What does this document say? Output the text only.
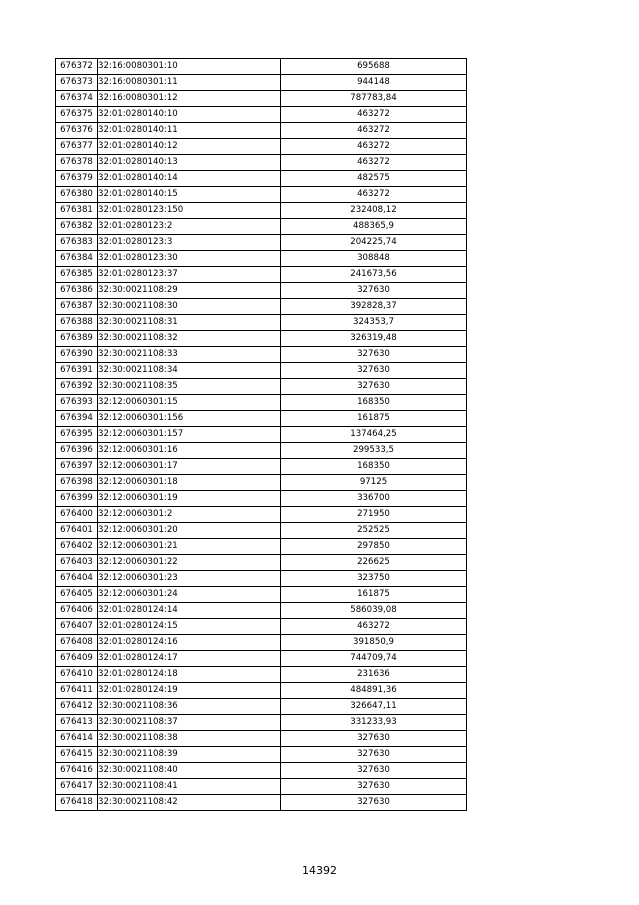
676372	32:16:0080301:10	695688
676373	32:16:0080301:11	944148
676374	32:16:0080301:12	787783,84
676375	32:01:0280140:10	463272
676376	32:01:0280140:11	463272
676377	32:01:0280140:12	463272
676378	32:01:0280140:13	463272
676379	32:01:0280140:14	482575
676380	32:01:0280140:15	463272
676381	32:01:0280123:150	232408,12
676382	32:01:0280123:2	488365,9
676383	32:01:0280123:3	204225,74
676384	32:01:0280123:30	308848
676385	32:01:0280123:37	241673,56
676386	32:30:0021108:29	327630
676387	32:30:0021108:30	392828,37
676388	32:30:0021108:31	324353,7
676389	32:30:0021108:32	326319,48
676390	32:30:0021108:33	327630
676391	32:30:0021108:34	327630
676392	32:30:0021108:35	327630
676393	32:12:0060301:15	168350
676394	32:12:0060301:156	161875
676395	32:12:0060301:157	137464,25
676396	32:12:0060301:16	299533,5
676397	32:12:0060301:17	168350
676398	32:12:0060301:18	97125
676399	32:12:0060301:19	336700
676400	32:12:0060301:2	271950
676401	32:12:0060301:20	252525
676402	32:12:0060301:21	297850
676403	32:12:0060301:22	226625
676404	32:12:0060301:23	323750
676405	32:12:0060301:24	161875
676406	32:01:0280124:14	586039,08
676407	32:01:0280124:15	463272
676408	32:01:0280124:16	391850,9
676409	32:01:0280124:17	744709,74
676410	32:01:0280124:18	231636
676411	32:01:0280124:19	484891,36
676412	32:30:0021108:36	326647,11
676413	32:30:0021108:37	331233,93
676414	32:30:0021108:38	327630
676415	32:30:0021108:39	327630
676416	32:30:0021108:40	327630
676417	32:30:0021108:41	327630
676418	32:30:0021108:42	327630
14392
